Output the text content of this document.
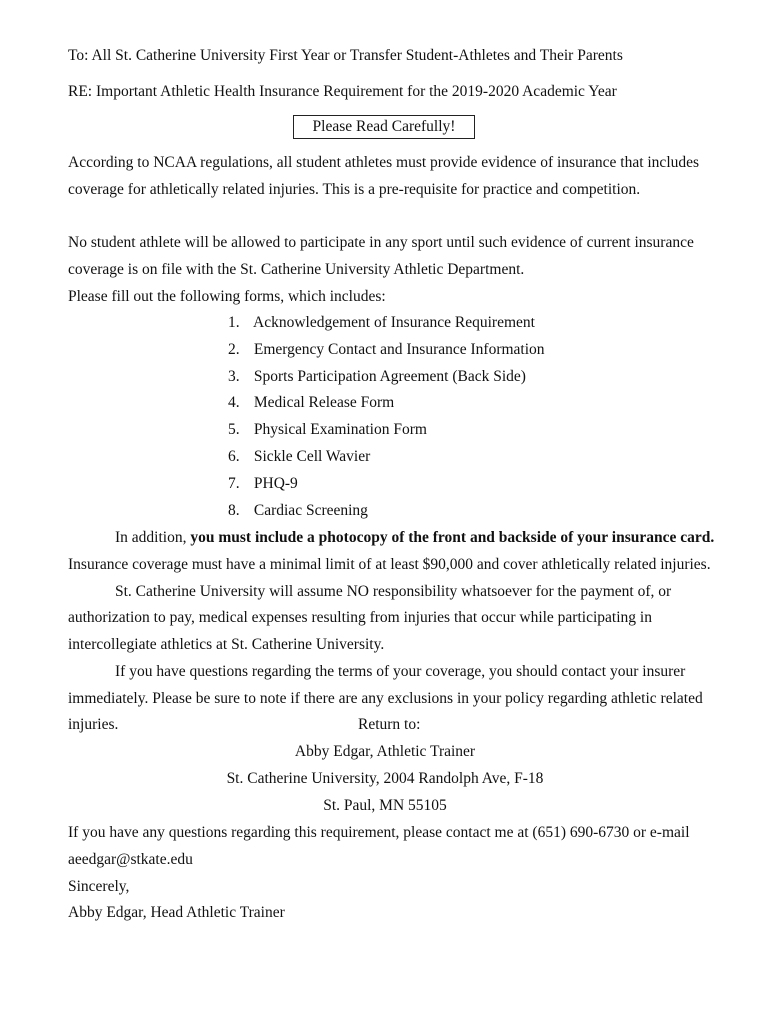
To: All St. Catherine University First Year or Transfer Student-Athletes and Their Parents
RE: Important Athletic Health Insurance Requirement for the 2019-2020 Academic Year
Please Read Carefully!
According to NCAA regulations, all student athletes must provide evidence of insurance that includes
coverage for athletically related injuries. This is a pre-requisite for practice and competition.
No student athlete will be allowed to participate in any sport until such evidence of current insurance
coverage is on file with the St. Catherine University Athletic Department.
Please fill out the following forms, which includes:
1. Acknowledgement of Insurance Requirement
2. Emergency Contact and Insurance Information
3. Sports Participation Agreement (Back Side)
4. Medical Release Form
5. Physical Examination Form
6. Sickle Cell Wavier
7. PHQ-9
8. Cardiac Screening
In addition, you must include a photocopy of the front and backside of your insurance card.
Insurance coverage must have a minimal limit of at least $90,000 and cover athletically related injuries.
St. Catherine University will assume NO responsibility whatsoever for the payment of, or
authorization to pay, medical expenses resulting from injuries that occur while participating in
intercollegiate athletics at St. Catherine University.
If you have questions regarding the terms of your coverage, you should contact your insurer
immediately. Please be sure to note if there are any exclusions in your policy regarding athletic related
injuries.	Return to:
Abby Edgar, Athletic Trainer
St. Catherine University, 2004 Randolph Ave, F-18
St. Paul, MN 55105
If you have any questions regarding this requirement, please contact me at (651) 690-6730 or e-mail
aeedgar@stkate.edu
Sincerely,
Abby Edgar, Head Athletic Trainer
